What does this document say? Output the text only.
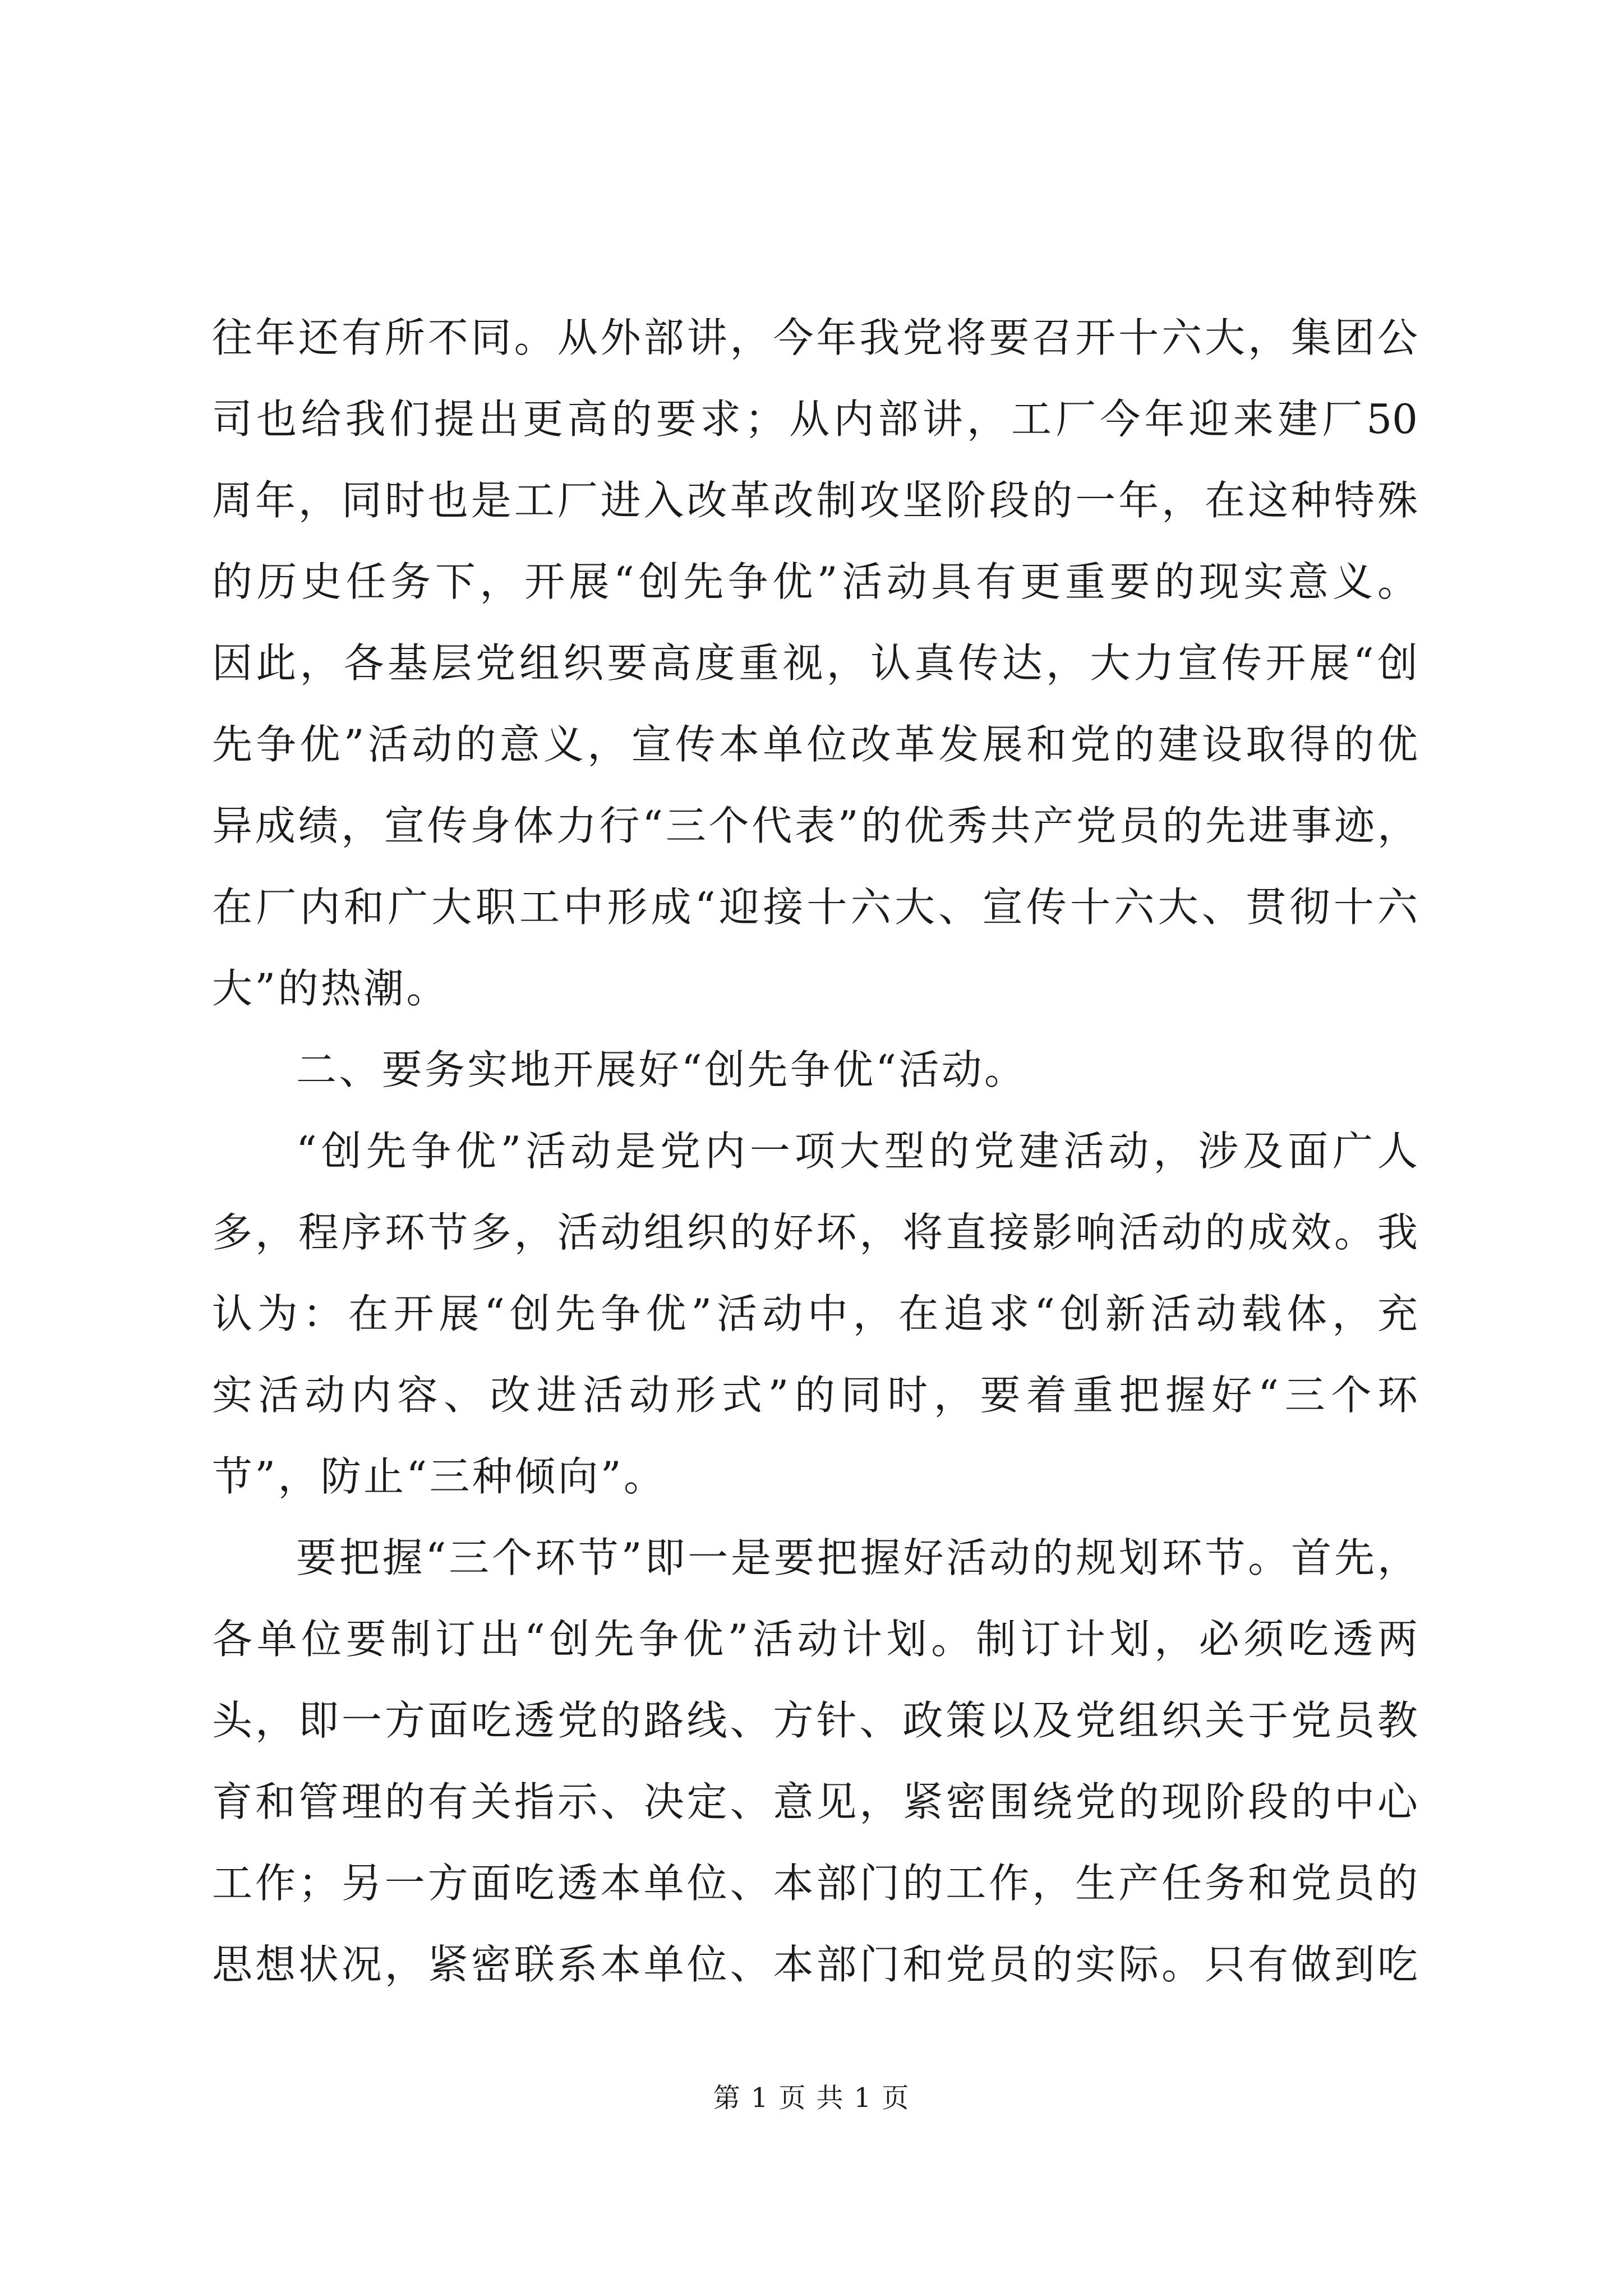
往年还有所不同。从外部讲，今年我党将要召开十六大，集团公
司也给我们提出更高的要求；从内部讲，工厂今年迎来建厂50
周年，同时也是工厂进入改革改制攻坚阶段的一年，在这种特殊
的历史任务下，开展“创先争优”活动具有更重要的现实意义。
因此，各基层党组织要高度重视，认真传达，大力宣传开展“创
先争优”活动的意义，宣传本单位改革发展和党的建设取得的优
异成绩，宣传身体力行“三个代表”的优秀共产党员的先进事迹，
在厂内和广大职工中形成“迎接十六大、宣传十六大、贯彻十六
大”的热潮。
二、要务实地开展好“创先争优“活动。
“创先争优”活动是党内一项大型的党建活动，涉及面广人
多，程序环节多，活动组织的好坏，将直接影响活动的成效。我
认为：在开展“创先争优”活动中，在追求“创新活动载体，充
实活动内容、改进活动形式”的同时，要着重把握好“三个环
节”，防止“三种倾向”。
要把握“三个环节”即一是要把握好活动的规划环节。首先，
各单位要制订出“创先争优”活动计划。制订计划，必须吃透两
头，即一方面吃透党的路线、方针、政策以及党组织关于党员教
育和管理的有关指示、决定、意见，紧密围绕党的现阶段的中心
工作；另一方面吃透本单位、本部门的工作，生产任务和党员的
思想状况，紧密联系本单位、本部门和党员的实际。只有做到吃
第 1 页 共 1 页
